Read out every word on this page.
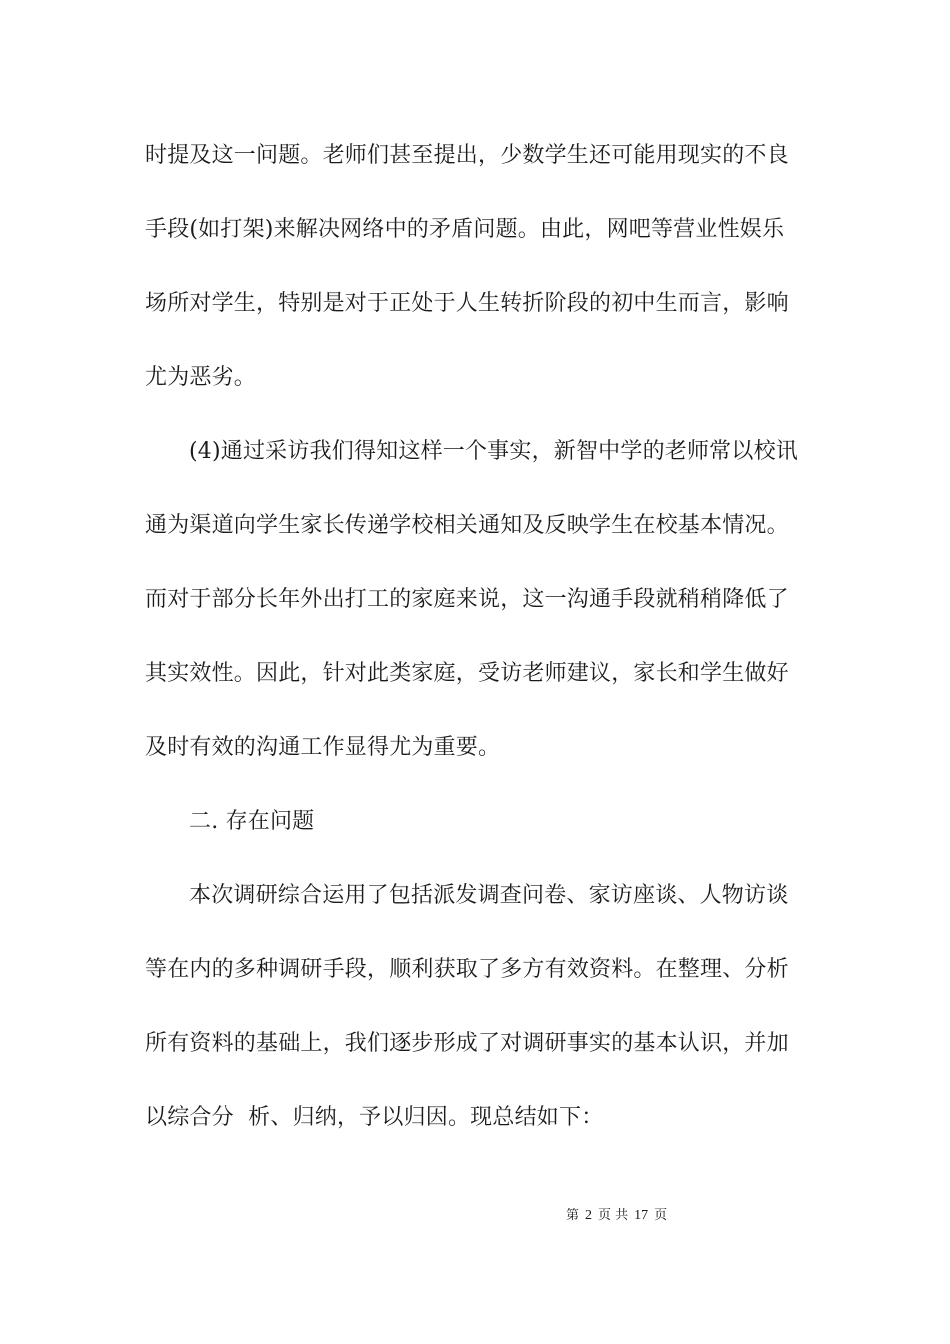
时提及这一问题。老师们甚至提出，少数学生还可能用现实的不良
手段(如打架)来解决网络中的矛盾问题。由此，网吧等营业性娱乐
场所对学生，特别是对于正处于人生转折阶段的初中生而言，影响
尤为恶劣。
(4)通过采访我们得知这样一个事实，新智中学的老师常以校讯
通为渠道向学生家长传递学校相关通知及反映学生在校基本情况。
而对于部分长年外出打工的家庭来说，这一沟通手段就稍稍降低了
其实效性。因此，针对此类家庭，受访老师建议，家长和学生做好
及时有效的沟通工作显得尤为重要。
二. 存在问题
本次调研综合运用了包括派发调查问卷、家访座谈、人物访谈
等在内的多种调研手段，顺利获取了多方有效资料。在整理、分析
所有资料的基础上，我们逐步形成了对调研事实的基本认识，并加
以综合分  析、归纳，予以归因。现总结如下：
第 2 页 共 17 页
